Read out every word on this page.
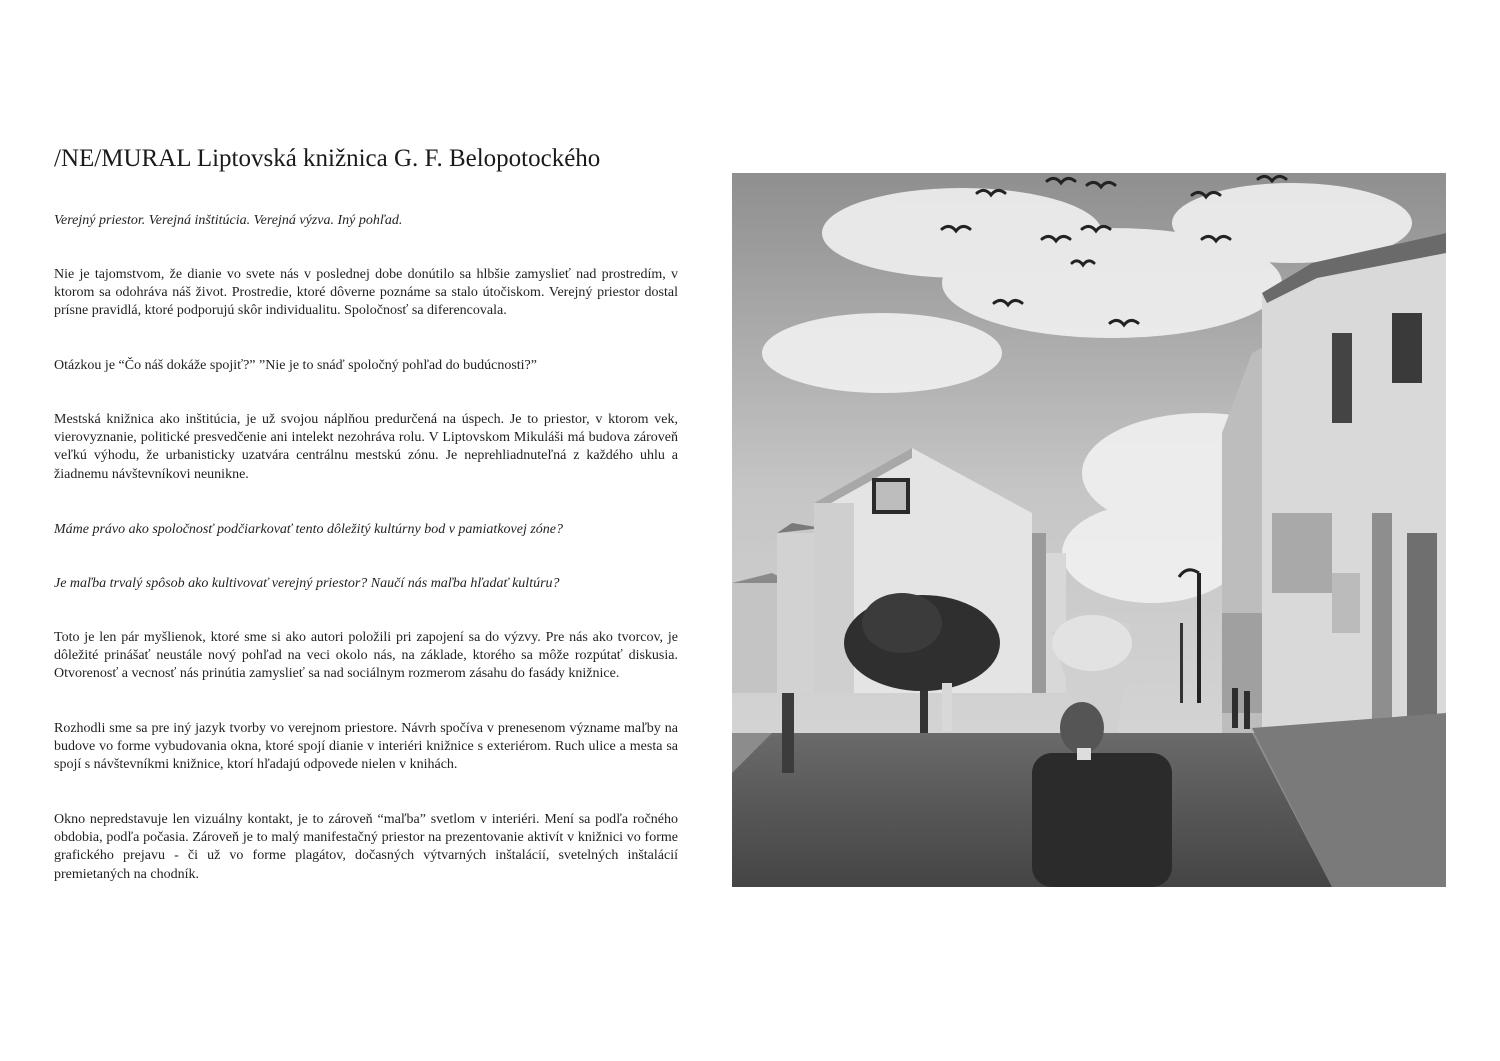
/NE/MURAL Liptovská knižnica G. F. Belopotockého

Verejný priestor. Verejná inštitúcia. Verejná výzva. Iný pohľad.

Nie je tajomstvom, že dianie vo svete nás v poslednej dobe donútilo sa hlbšie zamyslieť nad prostredím, v ktorom sa odohráva náš život. Prostredie, ktoré dôverne poznáme sa stalo útočiskom. Verejný priestor dostal prísne pravidlá, ktoré podporujú skôr individualitu. Spoločnosť sa diferencovala.

Otázkou je “Čo náš dokáže spojiť?” ”Nie je to snáď spoločný pohľad do budúcnosti?”

Mestská knižnica ako inštitúcia, je už svojou náplňou predurčená na úspech. Je to priestor, v ktorom vek, vierovyznanie, politické presvedčenie ani intelekt nezohráva rolu. V Liptovskom Mikuláši má budova zároveň veľkú výhodu, že urbanisticky uzatvára centrálnu mestskú zónu. Je neprehliadnuteľná z každého uhlu a žiadnemu návštevníkovi neunikne.

Máme právo ako spoločnosť podčiarkovať tento dôležitý kultúrny bod v pamiatkovej zóne?

Je maľba trvalý spôsob ako kultivovať verejný priestor? Naučí nás maľba hľadať kultúru?

Toto je len pár myšlienok, ktoré sme si ako autori položili pri zapojení sa do výzvy. Pre nás ako tvorcov, je dôležité prinášať neustále nový pohľad na veci okolo nás, na základe, ktorého sa môže rozpútať diskusia. Otvorenosť a vecnosť nás prinútia zamyslieť sa nad sociálnym rozmerom zásahu do fasády knižnice.

Rozhodli sme sa pre iný jazyk tvorby vo verejnom priestore. Návrh spočíva v prenesenom význame maľby na budove vo forme vybudovania okna, ktoré spojí dianie v interiéri knižnice s exteriérom. Ruch ulice a mesta sa spojí s návštevníkmi knižnice, ktorí hľadajú odpovede nielen v knihách.

Okno nepredstavuje len vizuálny kontakt, je to zároveň “maľba” svetlom v interiéri. Mení sa podľa ročného obdobia, podľa počasia. Zároveň je to malý manifestačný priestor na prezentovanie aktivít v knižnici vo forme grafického prejavu - či už vo forme plagátov, dočasných výtvarných inštalácií, svetelných inštalácií premietaných na chodník.
